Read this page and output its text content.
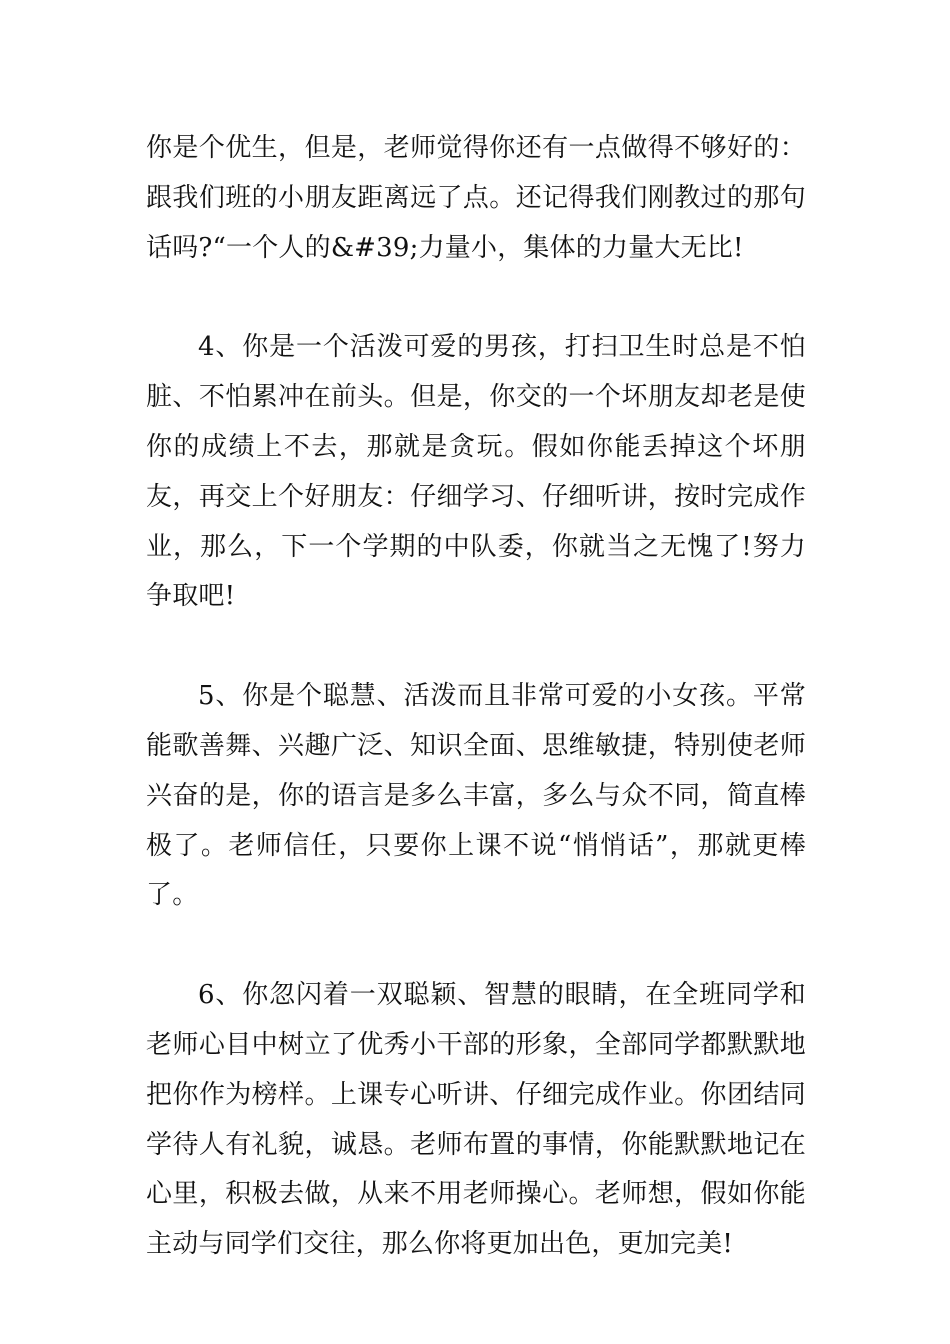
你是个优生，但是，老师觉得你还有一点做得不够好的：跟我们班的小朋友距离远了点。还记得我们刚教过的那句话吗?“一个人的&#39;力量小，集体的力量大无比!

4、你是一个活泼可爱的男孩，打扫卫生时总是不怕脏、不怕累冲在前头。但是，你交的一个坏朋友却老是使你的成绩上不去，那就是贪玩。假如你能丢掉这个坏朋友，再交上个好朋友：仔细学习、仔细听讲，按时完成作业，那么，下一个学期的中队委，你就当之无愧了!努力争取吧!

5、你是个聪慧、活泼而且非常可爱的小女孩。平常能歌善舞、兴趣广泛、知识全面、思维敏捷，特别使老师兴奋的是，你的语言是多么丰富，多么与众不同，简直棒极了。老师信任，只要你上课不说“悄悄话”，那就更棒了。

6、你忽闪着一双聪颖、智慧的眼睛，在全班同学和老师心目中树立了优秀小干部的形象，全部同学都默默地把你作为榜样。上课专心听讲、仔细完成作业。你团结同学待人有礼貌，诚恳。老师布置的事情，你能默默地记在心里，积极去做，从来不用老师操心。老师想，假如你能主动与同学们交往，那么你将更加出色，更加完美!
